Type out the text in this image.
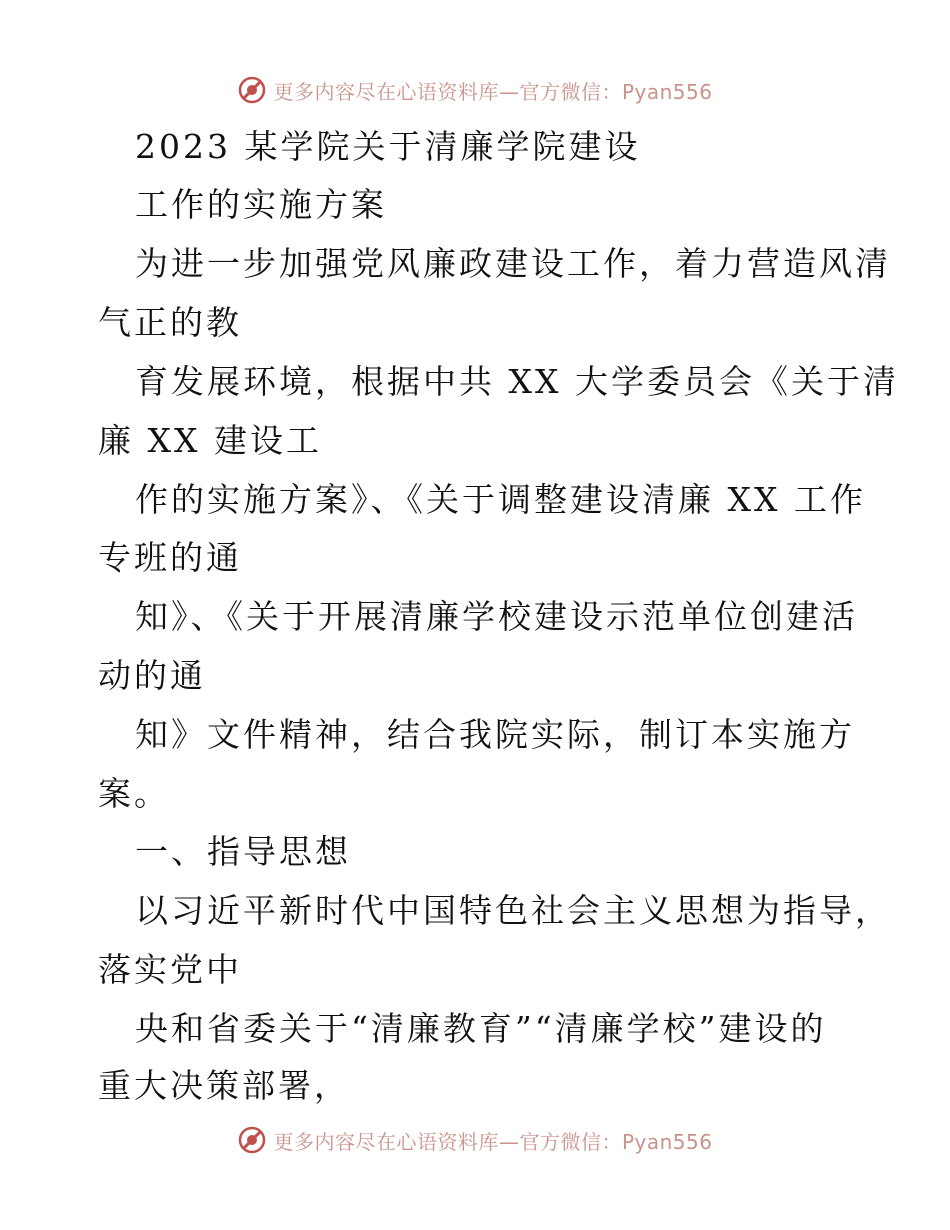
更多内容尽在心语资料库—官方微信：Pyan556
2023 某学院关于清廉学院建设
工作的实施方案
为进一步加强党风廉政建设工作，着力营造风清
气正的教
育发展环境，根据中共 XX 大学委员会《关于清
廉 XX 建设工
作的实施方案》、《关于调整建设清廉 XX 工作
专班的通
知》、《关于开展清廉学校建设示范单位创建活
动的通
知》文件精神，结合我院实际，制订本实施方
案。
一、指导思想
以习近平新时代中国特色社会主义思想为指导，
落实党中
央和省委关于“清廉教育”“清廉学校”建设的
重大决策部署，
更多内容尽在心语资料库—官方微信：Pyan556
